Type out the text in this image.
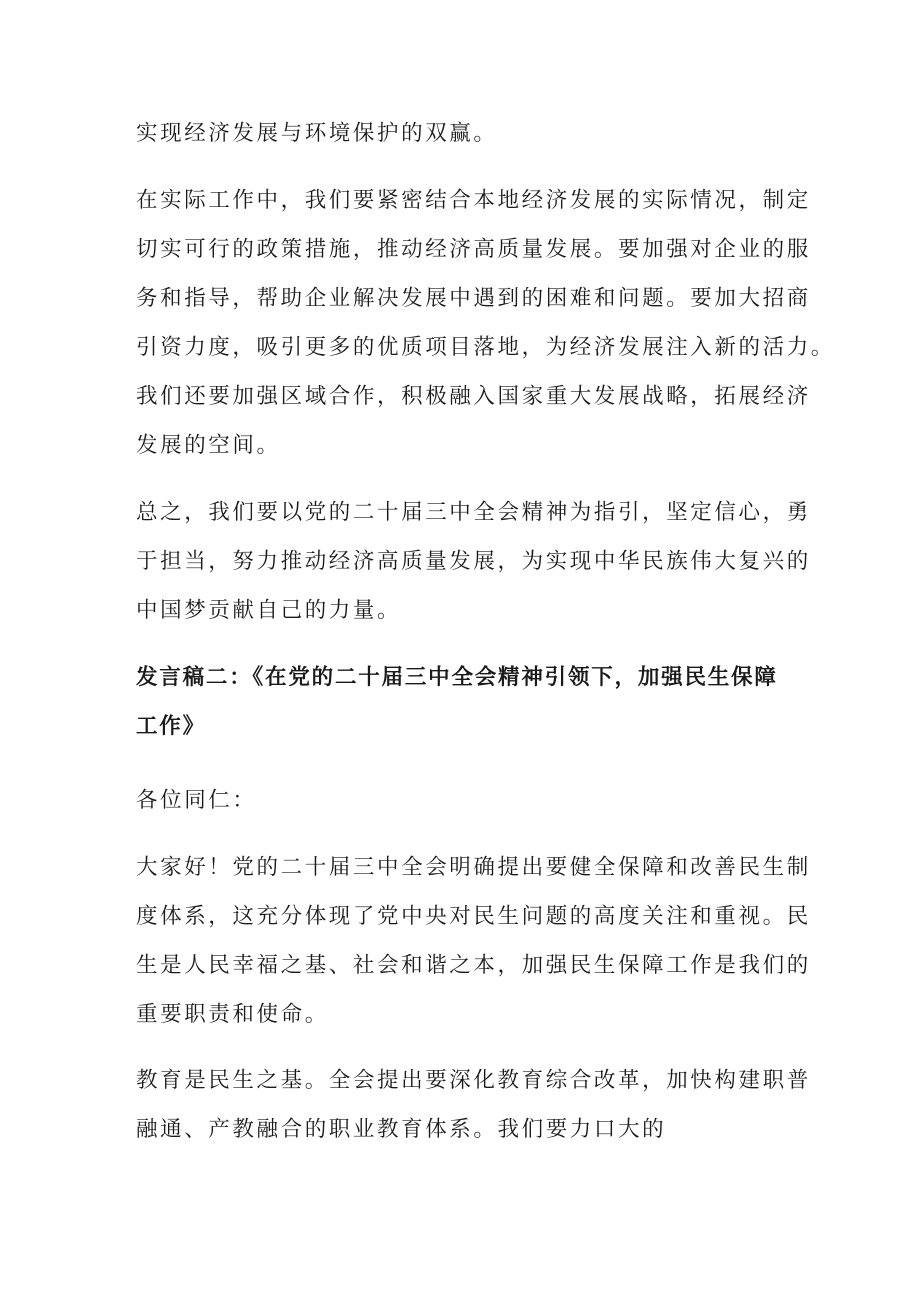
实现经济发展与环境保护的双赢。

在实际工作中，我们要紧密结合本地经济发展的实际情况，制定
切实可行的政策措施，推动经济高质量发展。要加强对企业的服
务和指导，帮助企业解决发展中遇到的困难和问题。要加大招商
引资力度，吸引更多的优质项目落地，为经济发展注入新的活力。
我们还要加强区域合作，积极融入国家重大发展战略，拓展经济
发展的空间。

总之，我们要以党的二十届三中全会精神为指引，坚定信心，勇
于担当，努力推动经济高质量发展，为实现中华民族伟大复兴的
中国梦贡献自己的力量。

发言稿二：《在党的二十届三中全会精神引领下，加强民生保障
工作》

各位同仁：

大家好！党的二十届三中全会明确提出要健全保障和改善民生制
度体系，这充分体现了党中央对民生问题的高度关注和重视。民
生是人民幸福之基、社会和谐之本，加强民生保障工作是我们的
重要职责和使命。

教育是民生之基。全会提出要深化教育综合改革，加快构建职普
融通、产教融合的职业教育体系。我们要力口大的
